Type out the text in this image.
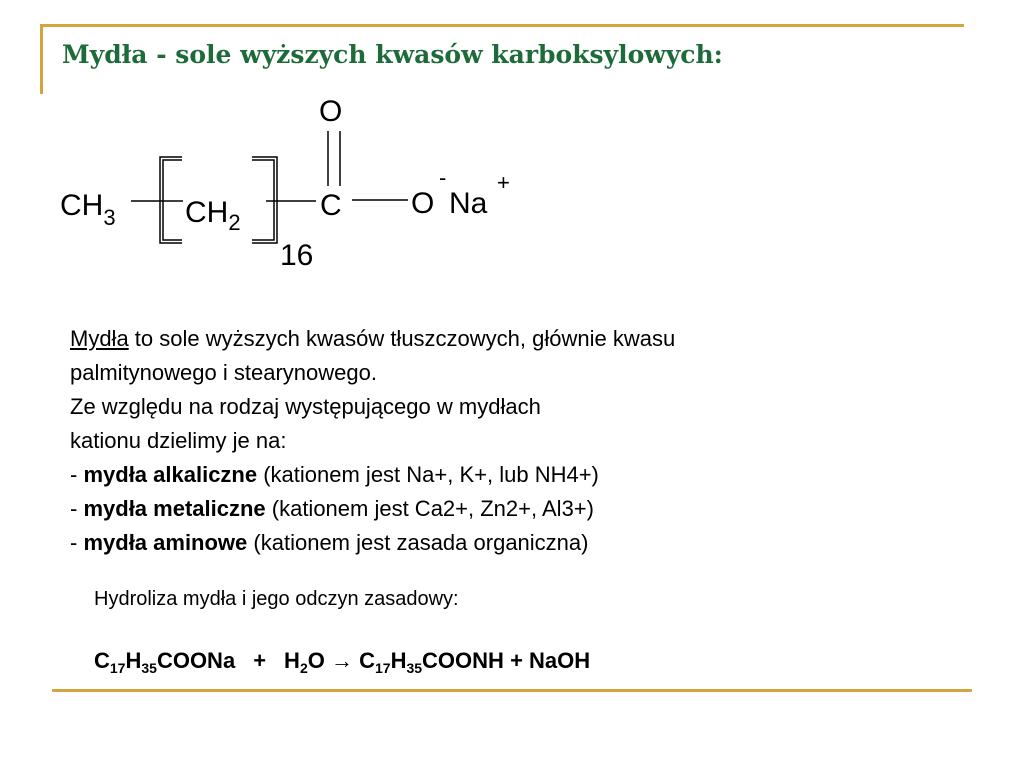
Mydła - sole wyższych kwasów karboksylowych:
$CH_3$ $CH_2$
16
C
O
O
-
Na
+
Mydła to sole wyższych kwasów tłuszczowych, głównie kwasu
palmitynowego i stearynowego.
Ze względu na rodzaj występującego w mydłach
kationu dzielimy je na:
- mydła alkaliczne (kationem jest Na+, K+, lub NH4+)
- mydła metaliczne (kationem jest Ca2+, Zn2+, Al3+)
- mydła aminowe (kationem jest zasada organiczna)
Hydroliza mydła i jego odczyn zasadowy:
$C_{17}H_{35}COONa + H_2O$ → $C_{17}H_{35}COONH$ + NaOH
